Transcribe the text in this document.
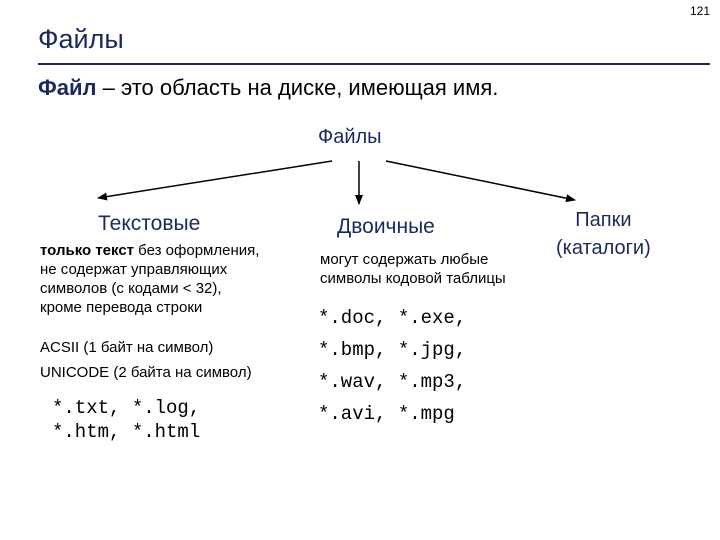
121
Файлы
Файл – это область на диске, имеющая имя.
Файлы
Текстовые	Двоичные	Папки
(каталоги)
только текст без оформления,
не содержат управляющих
символов (с кодами < 32),
кроме перевода строки
ACSII (1 байт на символ)
UNICODE (2 байта на символ)
*.txt, *.log,
*.htm, *.html
могут содержать любые
символы кодовой таблицы
*.doc, *.exe,
*.bmp, *.jpg,
*.wav, *.mp3,
*.avi, *.mpg
